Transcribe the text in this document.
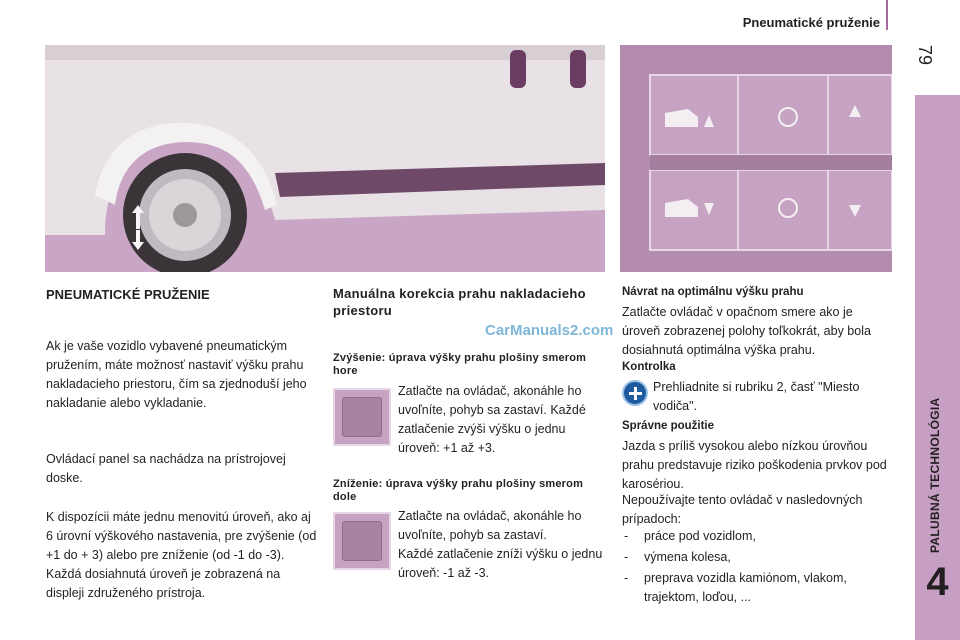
Pneumatické pruženie
79
PALUBNÁ TECHNOLÓGIA
4
PNEUMATICKÉ PRUŽENIE
Ak je vaše vozidlo vybavené pneumatickým pružením, máte možnosť nastaviť výšku prahu nakladacieho priestoru, čím sa zjednoduší jeho nakladanie alebo vykladanie.
Ovládací panel sa nachádza na prístrojovej doske.
K dispozícii máte jednu menovitú úroveň, ako aj 6 úrovní výškového nastavenia, pre zvýšenie (od +1 do + 3) alebo pre zníženie (od -1 do -3). Každá dosiahnutá úroveň je zobrazená na displeji združeného prístroja.
Manuálna korekcia prahu nakladacieho priestoru
CarManuals2.com
Zvýšenie: úprava výšky prahu plošiny smerom hore
Zatlačte na ovládač, akonáhle ho uvoľníte, pohyb sa zastaví. Každé zatlačenie zvýši výšku o jednu úroveň: +1 až +3.
Zníženie: úprava výšky prahu plošiny smerom dole
Zatlačte na ovládač, akonáhle ho uvoľníte, pohyb sa zastaví.
Každé zatlačenie zníži výšku o jednu úroveň: -1 až -3.
Návrat na optimálnu výšku prahu
Zatlačte ovládač v opačnom smere ako je úroveň zobrazenej polohy toľkokrát, aby bola dosiahnutá optimálna výška prahu.
Kontrolka
Prehliadnite si rubriku 2, časť "Miesto vodiča".
Správne použitie
Jazda s príliš vysokou alebo nízkou úrovňou prahu predstavuje riziko poškodenia prvkov pod karosériou.
Nepoužívajte tento ovládač v nasledovných prípadoch:
- práce pod vozidlom,
- výmena kolesa,
- preprava vozidla kamiónom, vlakom, trajektom, loďou, ...
